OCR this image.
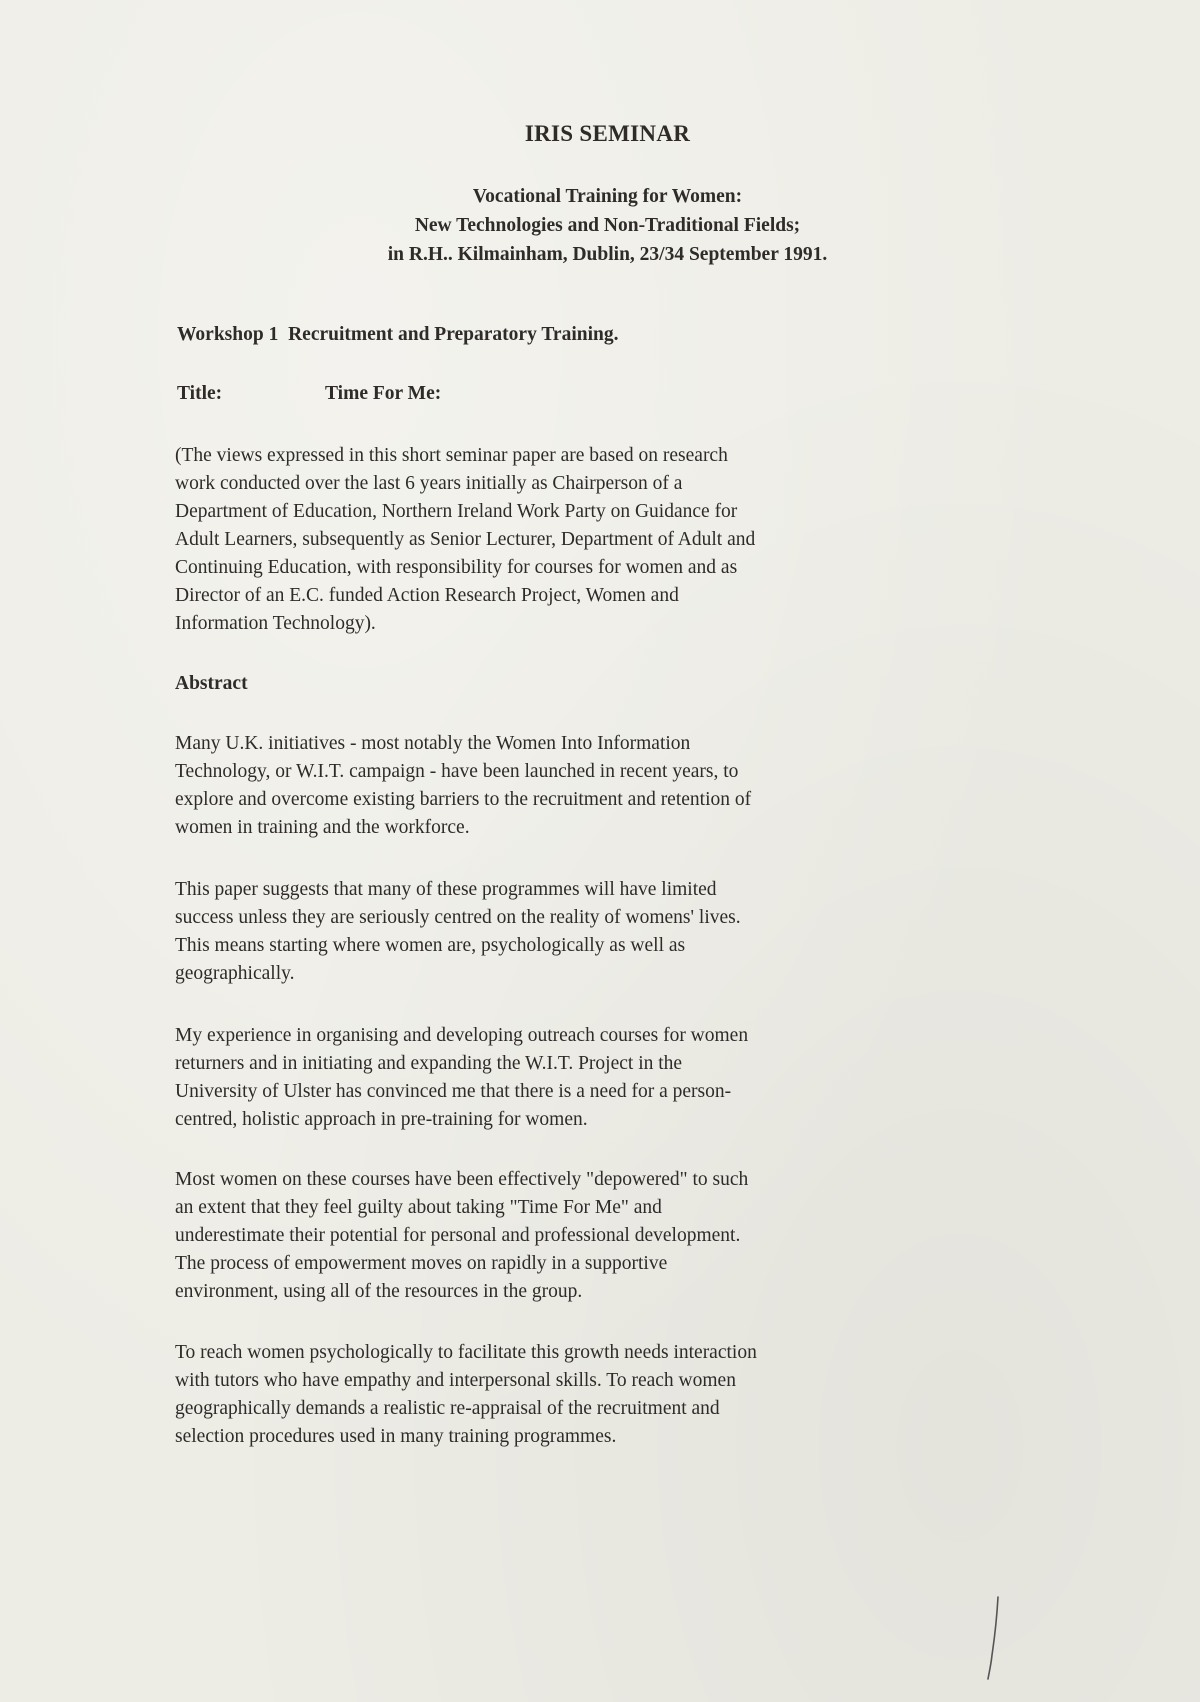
IRIS SEMINAR
Vocational Training for Women:
New Technologies and Non-Traditional Fields;
in R.H.. Kilmainham, Dublin, 23/34 September 1991.
Workshop 1 Recruitment and Preparatory Training.
Title:	Time For Me:
(The views expressed in this short seminar paper are based on research
work conducted over the last 6 years initially as Chairperson of a
Department of Education, Northern Ireland Work Party on Guidance for
Adult Learners, subsequently as Senior Lecturer, Department of Adult and
Continuing Education, with responsibility for courses for women and as
Director of an E.C. funded Action Research Project, Women and
Information Technology).
Abstract
Many U.K. initiatives - most notably the Women Into Information
Technology, or W.I.T. campaign - have been launched in recent years, to
explore and overcome existing barriers to the recruitment and retention of
women in training and the workforce.
This paper suggests that many of these programmes will have limited
success unless they are seriously centred on the reality of womens' lives.
This means starting where women are, psychologically as well as
geographically.
My experience in organising and developing outreach courses for women
returners and in initiating and expanding the W.I.T. Project in the
University of Ulster has convinced me that there is a need for a person-
centred, holistic approach in pre-training for women.
Most women on these courses have been effectively "depowered" to such
an extent that they feel guilty about taking "Time For Me" and
underestimate their potential for personal and professional development.
The process of empowerment moves on rapidly in a supportive
environment, using all of the resources in the group.
To reach women psychologically to facilitate this growth needs interaction
with tutors who have empathy and interpersonal skills. To reach women
geographically demands a realistic re-appraisal of the recruitment and
selection procedures used in many training programmes.
